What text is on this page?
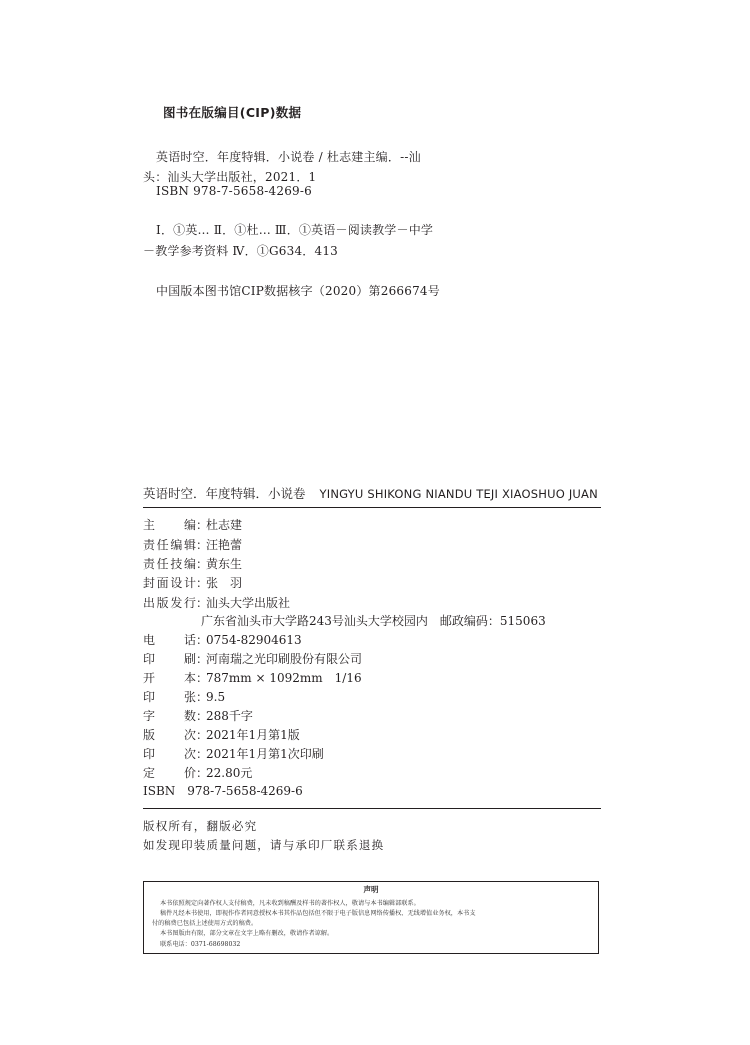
图书在版编目(CIP)数据
英语时空．年度特辑．小说卷 / 杜志建主编．--汕
头：汕头大学出版社，2021．1
ISBN 978-7-5658-4269-6
Ⅰ．①英… Ⅱ．①杜… Ⅲ．①英语－阅读教学－中学
－教学参考资料 Ⅳ．①G634．413
中国版本图书馆CIP数据核字（2020）第266674号
英语时空．年度特辑．小说卷 YINGYU SHIKONG NIANDU TEJI XIAOSHUO JUAN
主编：杜志建
责任编辑：汪艳蕾
责任技编：黄东生
封面设计：张　羽
出版发行：汕头大学出版社
广东省汕头市大学路243号汕头大学校园内　邮政编码：515063
电话：0754-82904613
印刷：河南瑞之光印刷股份有限公司
开本：787mm × 1092mm　1/16
印张：9.5
字数：288千字
版次：2021年1月第1版
印次：2021年1月第1次印刷
定价：22.80元
ISBN　978-7-5658-4269-6
版权所有，翻版必究
如发现印装质量问题，请与承印厂联系退换
声明
本书依照规定向著作权人支付稿费，凡未收到稿酬及样书的著作权人，敬请与本书编辑部联系。
稿件凡经本书使用，即视作作者同意授权本书其作品包括但不限于电子版信息网络传播权、无线增值业务权，本书支
付的稿费已包括上述使用方式的稿费。
本书图版由有限，部分文章在文字上略有删改，敬请作者谅解。
联系电话：0371-68698032
